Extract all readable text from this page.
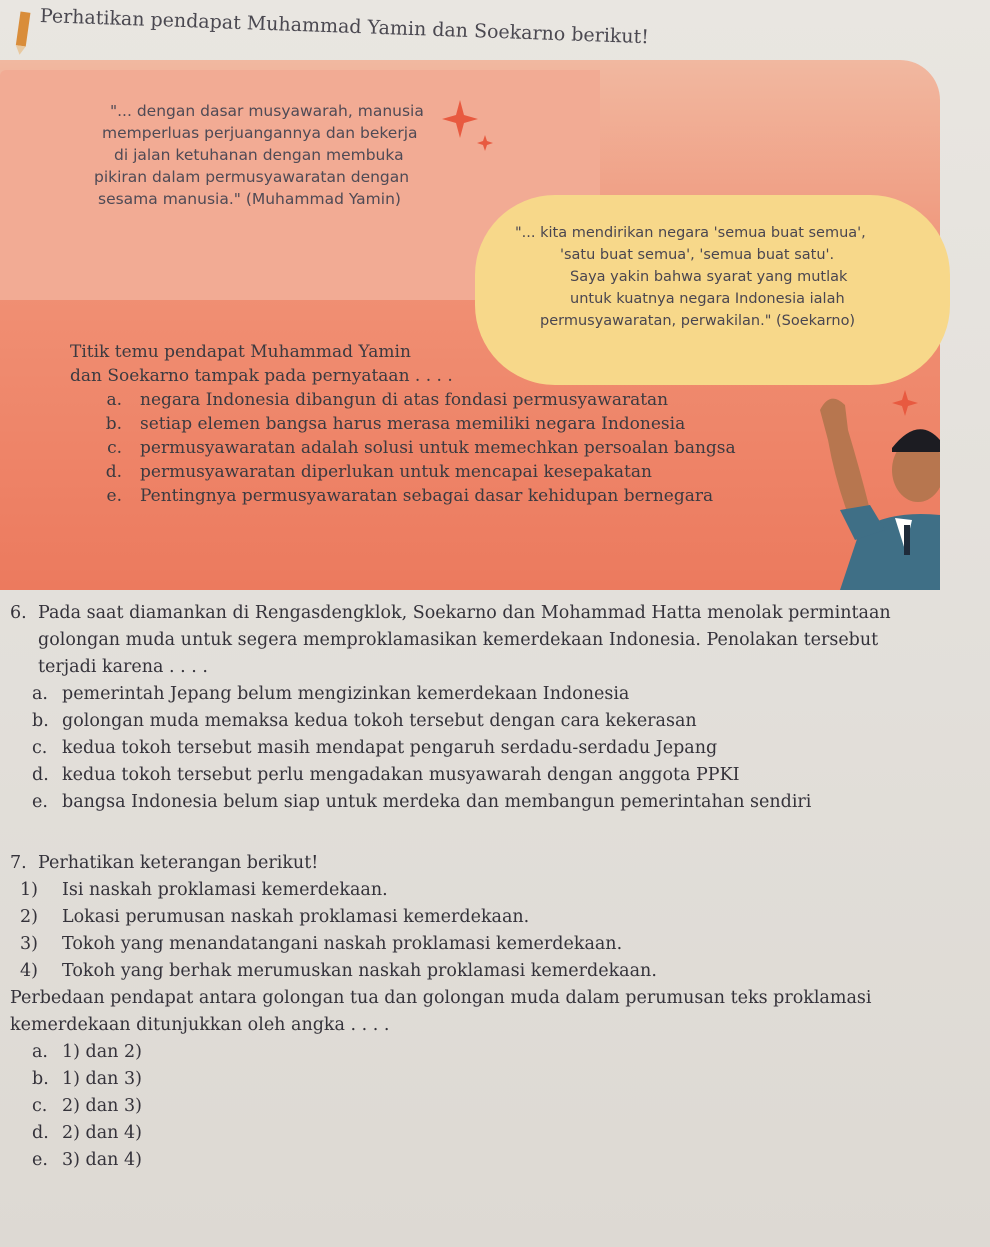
Perhatikan pendapat Muhammad Yamin dan Soekarno berikut!
"... dengan dasar musyawarah, manusia
memperluas perjuangannya dan bekerja
di jalan ketuhanan dengan membuka
pikiran dalam permusyawaratan dengan
sesama manusia." (Muhammad Yamin)
"... kita mendirikan negara 'semua buat semua',
'satu buat semua', 'semua buat satu'.
Saya yakin bahwa syarat yang mutlak
untuk kuatnya negara Indonesia ialah
permusyawaratan, perwakilan." (Soekarno)
Titik temu pendapat Muhammad Yamin
dan Soekarno tampak pada pernyataan . . . .
a. negara Indonesia dibangun di atas fondasi permusyawaratan
b. setiap elemen bangsa harus merasa memiliki negara Indonesia
c. permusyawaratan adalah solusi untuk memechkan persoalan bangsa
d. permusyawaratan diperlukan untuk mencapai kesepakatan
e. Pentingnya permusyawaratan sebagai dasar kehidupan bernegara
6. Pada saat diamankan di Rengasdengklok, Soekarno dan Mohammad Hatta menolak permintaan
golongan muda untuk segera memproklamasikan kemerdekaan Indonesia. Penolakan tersebut
terjadi karena . . . .
a. pemerintah Jepang belum mengizinkan kemerdekaan Indonesia
b. golongan muda memaksa kedua tokoh tersebut dengan cara kekerasan
c. kedua tokoh tersebut masih mendapat pengaruh serdadu-serdadu Jepang
d. kedua tokoh tersebut perlu mengadakan musyawarah dengan anggota PPKI
e. bangsa Indonesia belum siap untuk merdeka dan membangun pemerintahan sendiri
7. Perhatikan keterangan berikut!
1)	Isi naskah proklamasi kemerdekaan.
2)	Lokasi perumusan naskah proklamasi kemerdekaan.
3)	Tokoh yang menandatangani naskah proklamasi kemerdekaan.
4)	Tokoh yang berhak merumuskan naskah proklamasi kemerdekaan.
Perbedaan pendapat antara golongan tua dan golongan muda dalam perumusan teks proklamasi
kemerdekaan ditunjukkan oleh angka . . . .
a. 1) dan 2)
b. 1) dan 3)
c. 2) dan 3)
d. 2) dan 4)
e. 3) dan 4)
